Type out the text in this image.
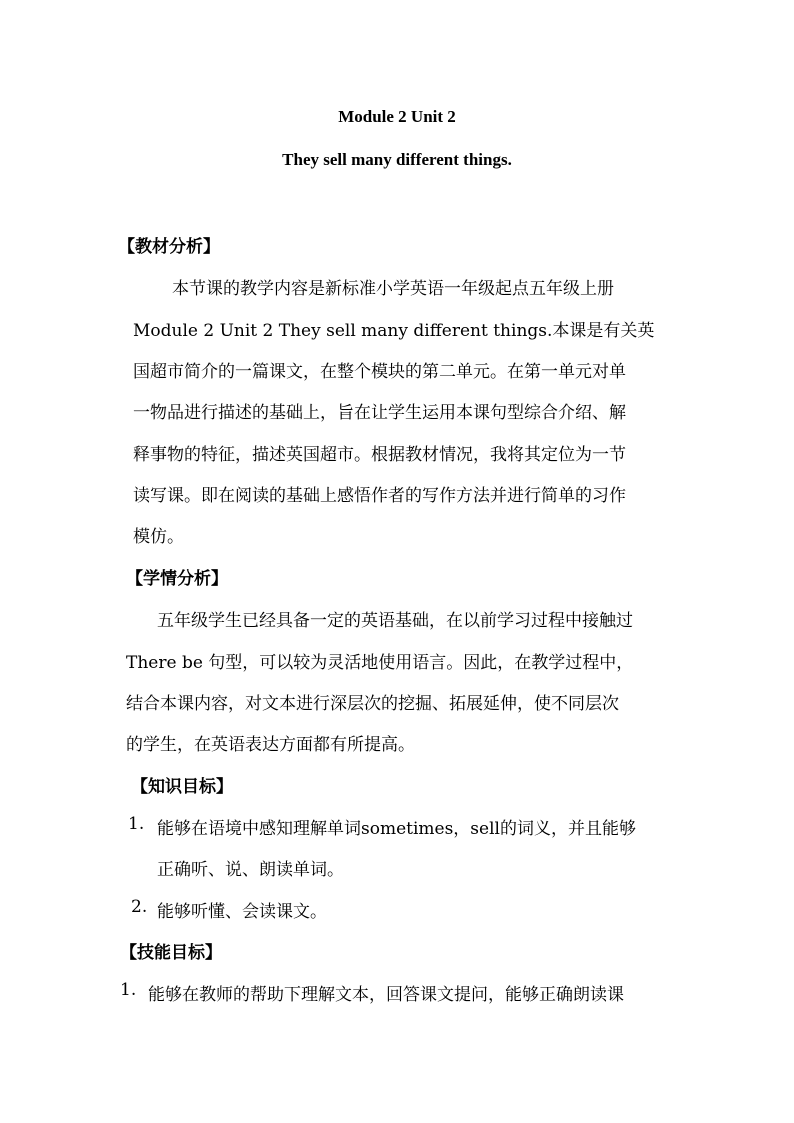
Module 2 Unit 2
They sell many different things.
【教材分析】
本节课的教学内容是新标准小学英语一年级起点五年级上册
Module 2 Unit 2 They sell many different things.本课是有关英
国超市简介的一篇课文，在整个模块的第二单元。在第一单元对单
一物品进行描述的基础上，旨在让学生运用本课句型综合介绍、解
释事物的特征，描述英国超市。根据教材情况，我将其定位为一节
读写课。即在阅读的基础上感悟作者的写作方法并进行简单的习作
模仿。
【学情分析】
五年级学生已经具备一定的英语基础，在以前学习过程中接触过
There be 句型，可以较为灵活地使用语言。因此，在教学过程中，
结合本课内容，对文本进行深层次的挖掘、拓展延伸，使不同层次
的学生，在英语表达方面都有所提高。
【知识目标】
1. 能够在语境中感知理解单词sometimes，sell的词义，并且能够
正确听、说、朗读单词。
2. 能够听懂、会读课文。
【技能目标】
1. 能够在教师的帮助下理解文本，回答课文提问，能够正确朗读课
